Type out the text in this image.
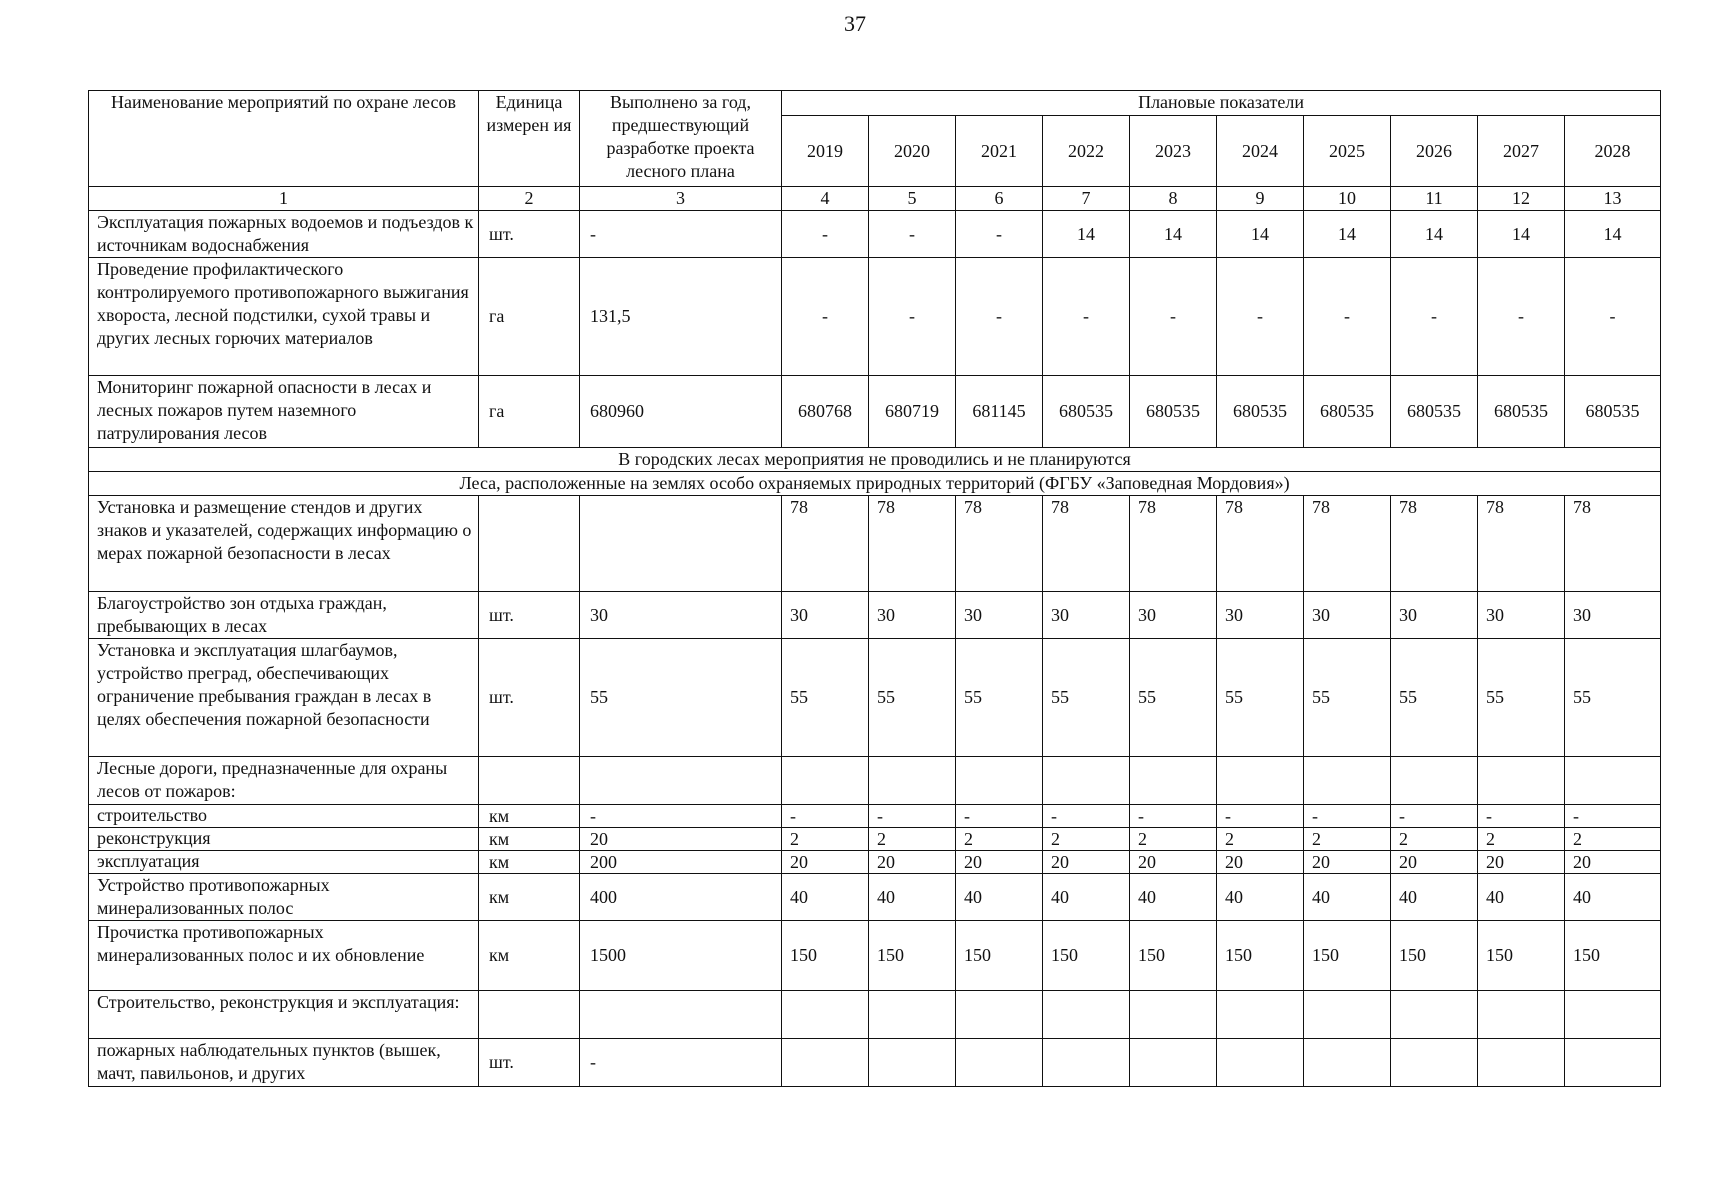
37
Наименование мероприятий по охране лесов	Единица измерен ия	Выполнено за год, предшествующий разработке проекта лесного плана	Плановые показатели									
			2019	2020	2021	2022	2023	2024	2025	2026	2027	2028
1	2	3	4	5	6	7	8	9	10	11	12	13
Эксплуатация пожарных водоемов и подъездов к источникам водоснабжения	шт.	-	-	-	-	14	14	14	14	14	14	14
Проведение профилактического контролируемого противопожарного выжигания хвороста, лесной подстилки, сухой травы и других лесных горючих материалов	га	131,5	-	-	-	-	-	-	-	-	-	-
Мониторинг пожарной опасности в лесах и лесных пожаров путем наземного патрулирования лесов	га	680960	680768	680719	681145	680535	680535	680535	680535	680535	680535	680535
В городских лесах мероприятия не проводились и не планируются												
Леса, расположенные на землях особо охраняемых природных территорий (ФГБУ «Заповедная Мордовия»)												
Установка и размещение стендов и других знаков и указателей, содержащих информацию о мерах пожарной безопасности в лесах			78	78	78	78	78	78	78	78	78	78
Благоустройство зон отдыха граждан, пребывающих в лесах	шт.	30	30	30	30	30	30	30	30	30	30	30
Установка и эксплуатация шлагбаумов, устройство преград, обеспечивающих ограничение пребывания граждан в лесах в целях обеспечения пожарной безопасности	шт.	55	55	55	55	55	55	55	55	55	55	55
Лесные дороги, предназначенные для охраны лесов от пожаров:												
строительство	км	-	-	-	-	-	-	-	-	-	-	-
реконструкция	км	20	2	2	2	2	2	2	2	2	2	2
эксплуатация	км	200	20	20	20	20	20	20	20	20	20	20
Устройство противопожарных минерализованных полос	км	400	40	40	40	40	40	40	40	40	40	40
Прочистка противопожарных минерализованных полос и их обновление	км	1500	150	150	150	150	150	150	150	150	150	150
Строительство, реконструкция и эксплуатация:												
пожарных наблюдательных пунктов (вышек, мачт, павильонов, и других	шт.	-										
